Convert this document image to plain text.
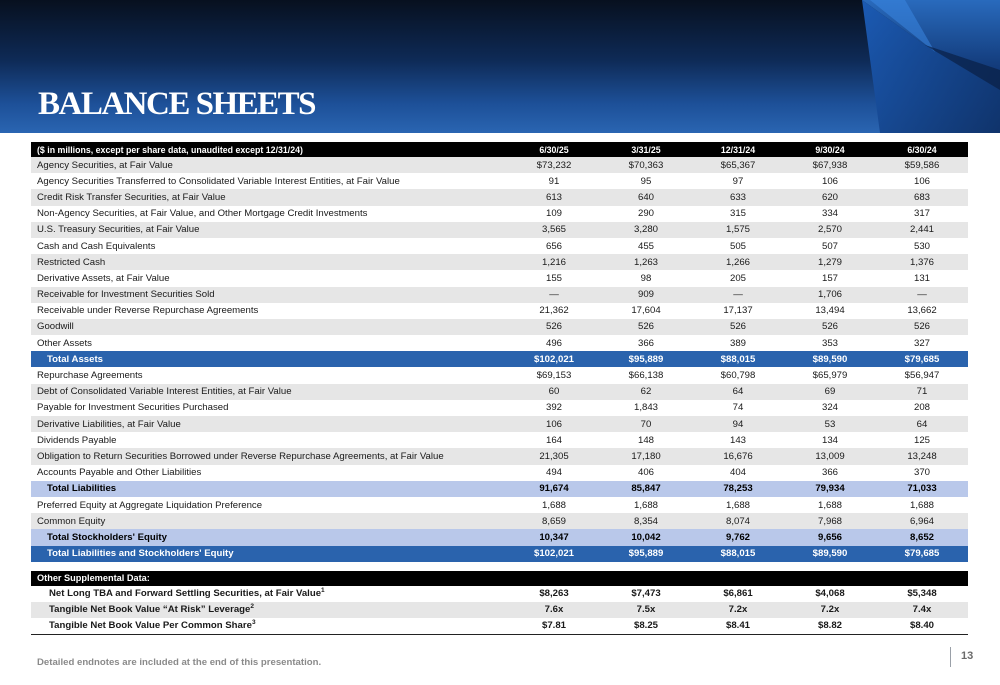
BALANCE SHEETS
($ in millions, except per share data, unaudited except 12/31/24)	6/30/25	3/31/25	12/31/24	9/30/24	6/30/24
Agency Securities, at Fair Value	$73,232	$70,363	$65,367	$67,938	$59,586
Agency Securities Transferred to Consolidated Variable Interest Entities, at Fair Value	91	95	97	106	106
Credit Risk Transfer Securities, at Fair Value	613	640	633	620	683
Non-Agency Securities, at Fair Value, and Other Mortgage Credit Investments	109	290	315	334	317
U.S. Treasury Securities, at Fair Value	3,565	3,280	1,575	2,570	2,441
Cash and Cash Equivalents	656	455	505	507	530
Restricted Cash	1,216	1,263	1,266	1,279	1,376
Derivative Assets, at Fair Value	155	98	205	157	131
Receivable for Investment Securities Sold	—	909	—	1,706	—
Receivable under Reverse Repurchase Agreements	21,362	17,604	17,137	13,494	13,662
Goodwill	526	526	526	526	526
Other Assets	496	366	389	353	327
Total Assets	$102,021	$95,889	$88,015	$89,590	$79,685
Repurchase Agreements	$69,153	$66,138	$60,798	$65,979	$56,947
Debt of Consolidated Variable Interest Entities, at Fair Value	60	62	64	69	71
Payable for Investment Securities Purchased	392	1,843	74	324	208
Derivative Liabilities, at Fair Value	106	70	94	53	64
Dividends Payable	164	148	143	134	125
Obligation to Return Securities Borrowed under Reverse Repurchase Agreements, at Fair Value	21,305	17,180	16,676	13,009	13,248
Accounts Payable and Other Liabilities	494	406	404	366	370
Total Liabilities	91,674	85,847	78,253	79,934	71,033
Preferred Equity at Aggregate Liquidation Preference	1,688	1,688	1,688	1,688	1,688
Common Equity	8,659	8,354	8,074	7,968	6,964
Total Stockholders' Equity	10,347	10,042	9,762	9,656	8,652
Total Liabilities and Stockholders' Equity	$102,021	$95,889	$88,015	$89,590	$79,685

Other Supplemental Data:					
Net Long TBA and Forward Settling Securities, at Fair Value$^1$	$8,263	$7,473	$6,861	$4,068	$5,348
Tangible Net Book Value “At Risk” Leverage$^2$	7.6x	7.5x	7.2x	7.2x	7.4x
Tangible Net Book Value Per Common Share$^3$	$7.81	$8.25	$8.41	$8.82	$8.40
Detailed endnotes are included at the end of this presentation.
13
